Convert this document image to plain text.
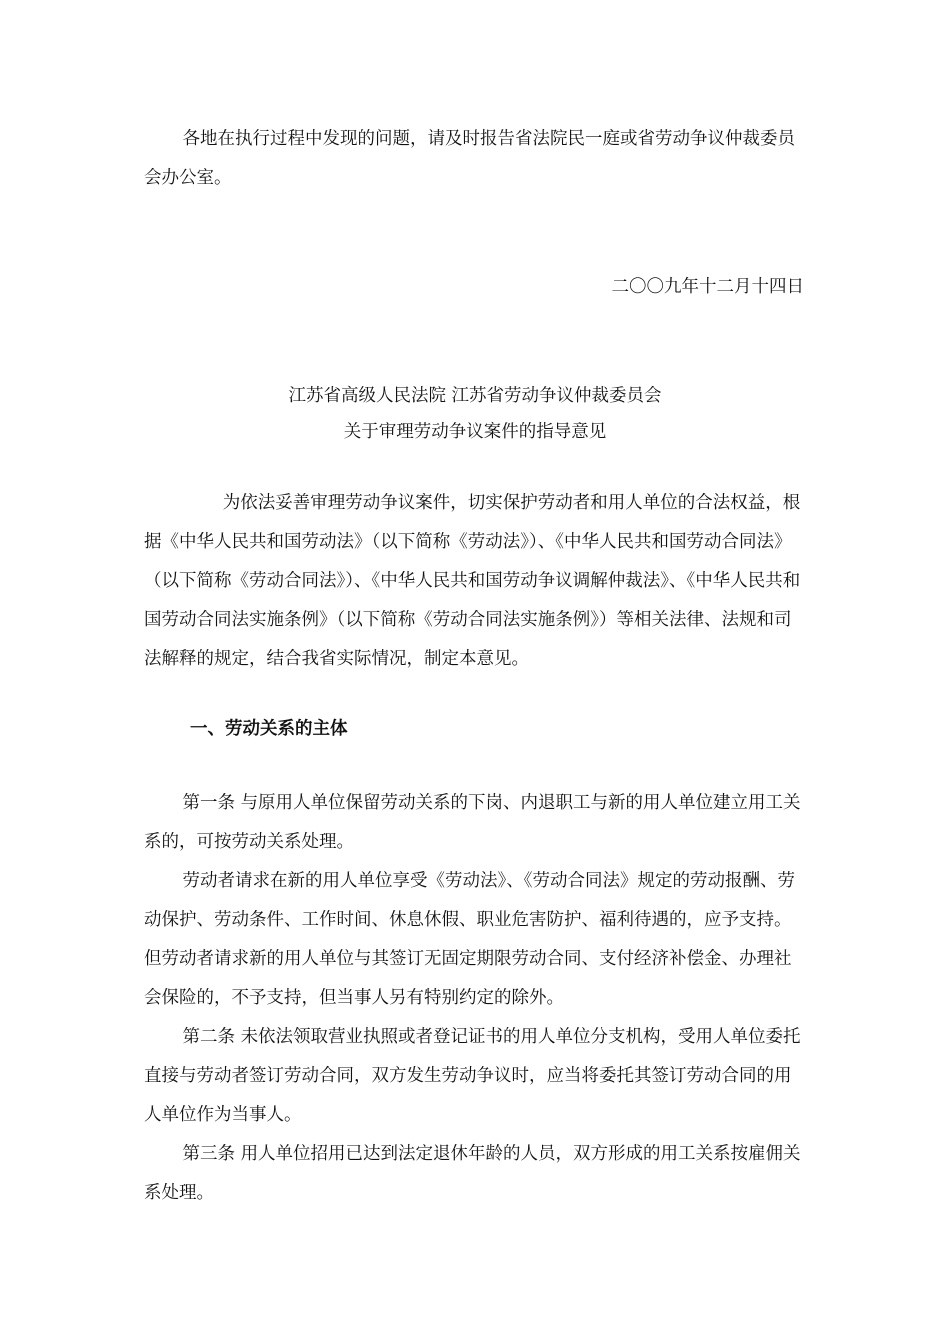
各地在执行过程中发现的问题，请及时报告省法院民一庭或省劳动争议仲裁委员会办公室。

二〇〇九年十二月十四日
江苏省高级人民法院 江苏省劳动争议仲裁委员会
关于审理劳动争议案件的指导意见

为依法妥善审理劳动争议案件，切实保护劳动者和用人单位的合法权益，根据《中华人民共和国劳动法》（以下简称《劳动法》）、《中华人民共和国劳动合同法》（以下简称《劳动合同法》）、《中华人民共和国劳动争议调解仲裁法》、《中华人民共和国劳动合同法实施条例》（以下简称《劳动合同法实施条例》）等相关法律、法规和司法解释的规定，结合我省实际情况，制定本意见。

一、劳动关系的主体

第一条 与原用人单位保留劳动关系的下岗、内退职工与新的用人单位建立用工关系的，可按劳动关系处理。

劳动者请求在新的用人单位享受《劳动法》、《劳动合同法》规定的劳动报酬、劳动保护、劳动条件、工作时间、休息休假、职业危害防护、福利待遇的，应予支持。但劳动者请求新的用人单位与其签订无固定期限劳动合同、支付经济补偿金、办理社会保险的，不予支持，但当事人另有特别约定的除外。

第二条 未依法领取营业执照或者登记证书的用人单位分支机构，受用人单位委托直接与劳动者签订劳动合同，双方发生劳动争议时，应当将委托其签订劳动合同的用人单位作为当事人。

第三条 用人单位招用已达到法定退休年龄的人员，双方形成的用工关系按雇佣关系处理。
